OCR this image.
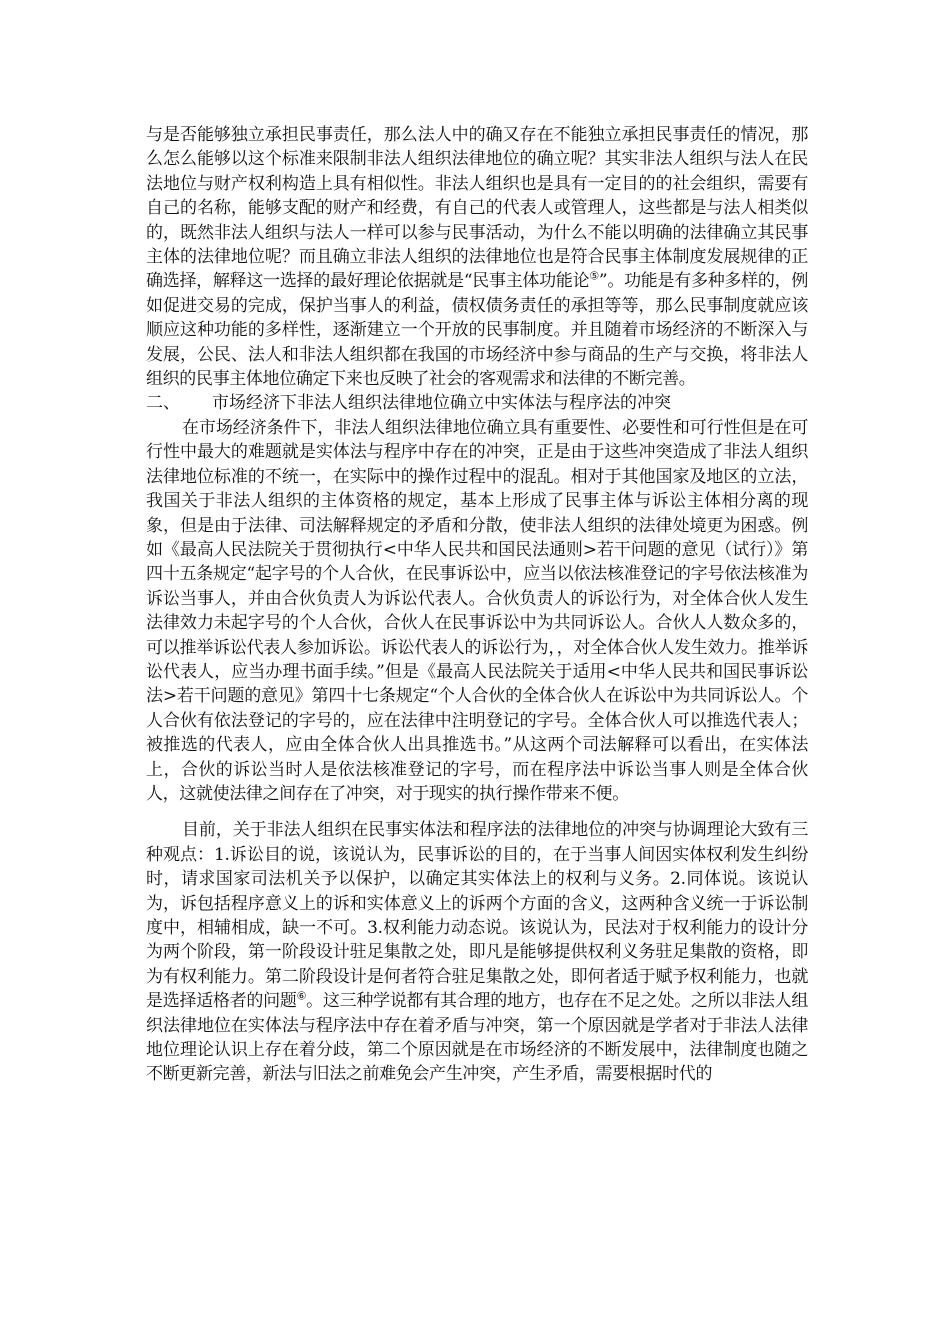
与是否能够独立承担民事责任，那么法人中的确又存在不能独立承担民事责任的情况，那么怎么能够以这个标准来限制非法人组织法律地位的确立呢？其实非法人组织与法人在民法地位与财产权利构造上具有相似性。非法人组织也是具有一定目的的社会组织，需要有自己的名称，能够支配的财产和经费，有自己的代表人或管理人，这些都是与法人相类似的，既然非法人组织与法人一样可以参与民事活动，为什么不能以明确的法律确立其民事主体的法律地位呢？而且确立非法人组织的法律地位也是符合民事主体制度发展规律的正确选择，解释这一选择的最好理论依据就是“民事主体功能论⑤”。功能是有多种多样的，例如促进交易的完成，保护当事人的利益，债权债务责任的承担等等，那么民事制度就应该顺应这种功能的多样性，逐渐建立一个开放的民事制度。并且随着市场经济的不断深入与发展，公民、法人和非法人组织都在我国的市场经济中参与商品的生产与交换，将非法人组织的民事主体地位确定下来也反映了社会的客观需求和法律的不断完善。

二、 市场经济下非法人组织法律地位确立中实体法与程序法的冲突

在市场经济条件下，非法人组织法律地位确立具有重要性、必要性和可行性但是在可行性中最大的难题就是实体法与程序中存在的冲突，正是由于这些冲突造成了非法人组织法律地位标准的不统一，在实际中的操作过程中的混乱。相对于其他国家及地区的立法，我国关于非法人组织的主体资格的规定，基本上形成了民事主体与诉讼主体相分离的现象，但是由于法律、司法解释规定的矛盾和分散，使非法人组织的法律处境更为困惑。例如《最高人民法院关于贯彻执行<中华人民共和国民法通则>若干问题的意见（试行）》第四十五条规定“起字号的个人合伙，在民事诉讼中，应当以依法核准登记的字号依法核准为诉讼当事人，并由合伙负责人为诉讼代表人。合伙负责人的诉讼行为，对全体合伙人发生法律效力未起字号的个人合伙，合伙人在民事诉讼中为共同诉讼人。合伙人人数众多的，可以推举诉讼代表人参加诉讼。诉讼代表人的诉讼行为，，对全体合伙人发生效力。推举诉讼代表人，应当办理书面手续。”但是《最高人民法院关于适用<中华人民共和国民事诉讼法>若干问题的意见》第四十七条规定“个人合伙的全体合伙人在诉讼中为共同诉讼人。个人合伙有依法登记的字号的，应在法律中注明登记的字号。全体合伙人可以推选代表人；被推选的代表人，应由全体合伙人出具推选书。”从这两个司法解释可以看出，在实体法上，合伙的诉讼当时人是依法核准登记的字号，而在程序法中诉讼当事人则是全体合伙人，这就使法律之间存在了冲突，对于现实的执行操作带来不便。

目前，关于非法人组织在民事实体法和程序法的法律地位的冲突与协调理论大致有三种观点：1.诉讼目的说，该说认为，民事诉讼的目的，在于当事人间因实体权利发生纠纷时，请求国家司法机关予以保护，以确定其实体法上的权利与义务。2.同体说。该说认为，诉包括程序意义上的诉和实体意义上的诉两个方面的含义，这两种含义统一于诉讼制度中，相辅相成，缺一不可。3.权利能力动态说。该说认为，民法对于权利能力的设计分为两个阶段，第一阶段设计驻足集散之处，即凡是能够提供权利义务驻足集散的资格，即为有权利能力。第二阶段设计是何者符合驻足集散之处，即何者适于赋予权利能力，也就是选择适格者的问题⑥。这三种学说都有其合理的地方，也存在不足之处。之所以非法人组织法律地位在实体法与程序法中存在着矛盾与冲突，第一个原因就是学者对于非法人法律地位理论认识上存在着分歧，第二个原因就是在市场经济的不断发展中，法律制度也随之不断更新完善，新法与旧法之前难免会产生冲突，产生矛盾，需要根据时代的
